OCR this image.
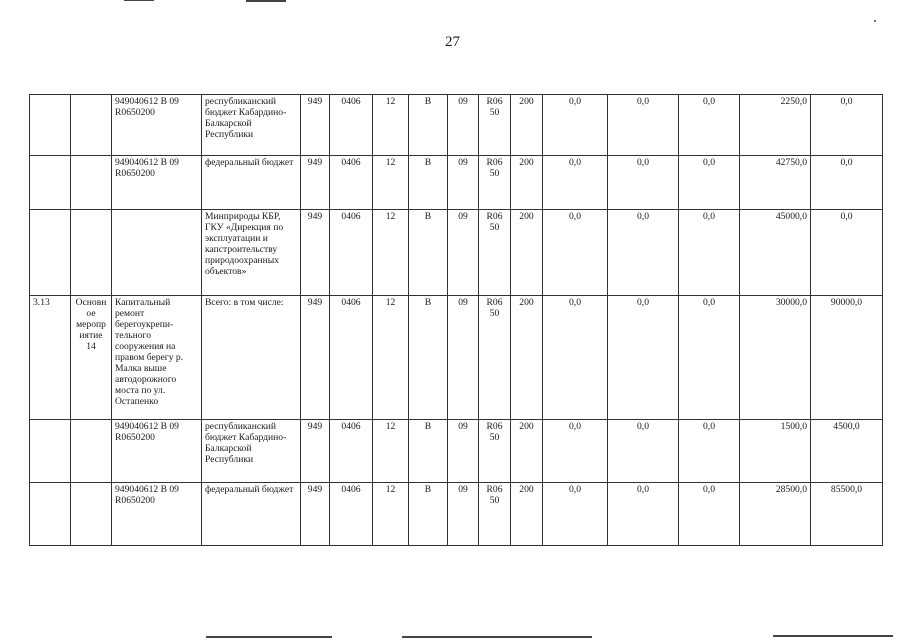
27
		949040612 В 09 R0650200	республиканский бюджет Кабардино-Балкарской Республики	949	0406	12	В	09	R06 50	200	0,0	0,0	0,0	2250,0	0,0
		949040612 В 09 R0650200	федеральный бюджет	949	0406	12	В	09	R06 50	200	0,0	0,0	0,0	42750,0	0,0
			Минприроды КБР, ГКУ «Дирекция по эксплуатации и капстроительству природоохранных объектов»	949	0406	12	В	09	R06 50	200	0,0	0,0	0,0	45000,0	0,0
3.13	Основное мероприятие 14	Капитальный ремонт берегоукрепи-тельного сооружения на правом берегу р. Малка выше автодорожного моста по ул. Остапенко	Всего: в том числе:	949	0406	12	В	09	R06 50	200	0,0	0,0	0,0	30000,0	90000,0
		949040612 В 09 R0650200	республиканский бюджет Кабардино-Балкарской Республики	949	0406	12	В	09	R06 50	200	0,0	0,0	0,0	1500,0	4500,0
		949040612 В 09 R0650200	федеральный бюджет	949	0406	12	В	09	R06 50	200	0,0	0,0	0,0	28500,0	85500,0
